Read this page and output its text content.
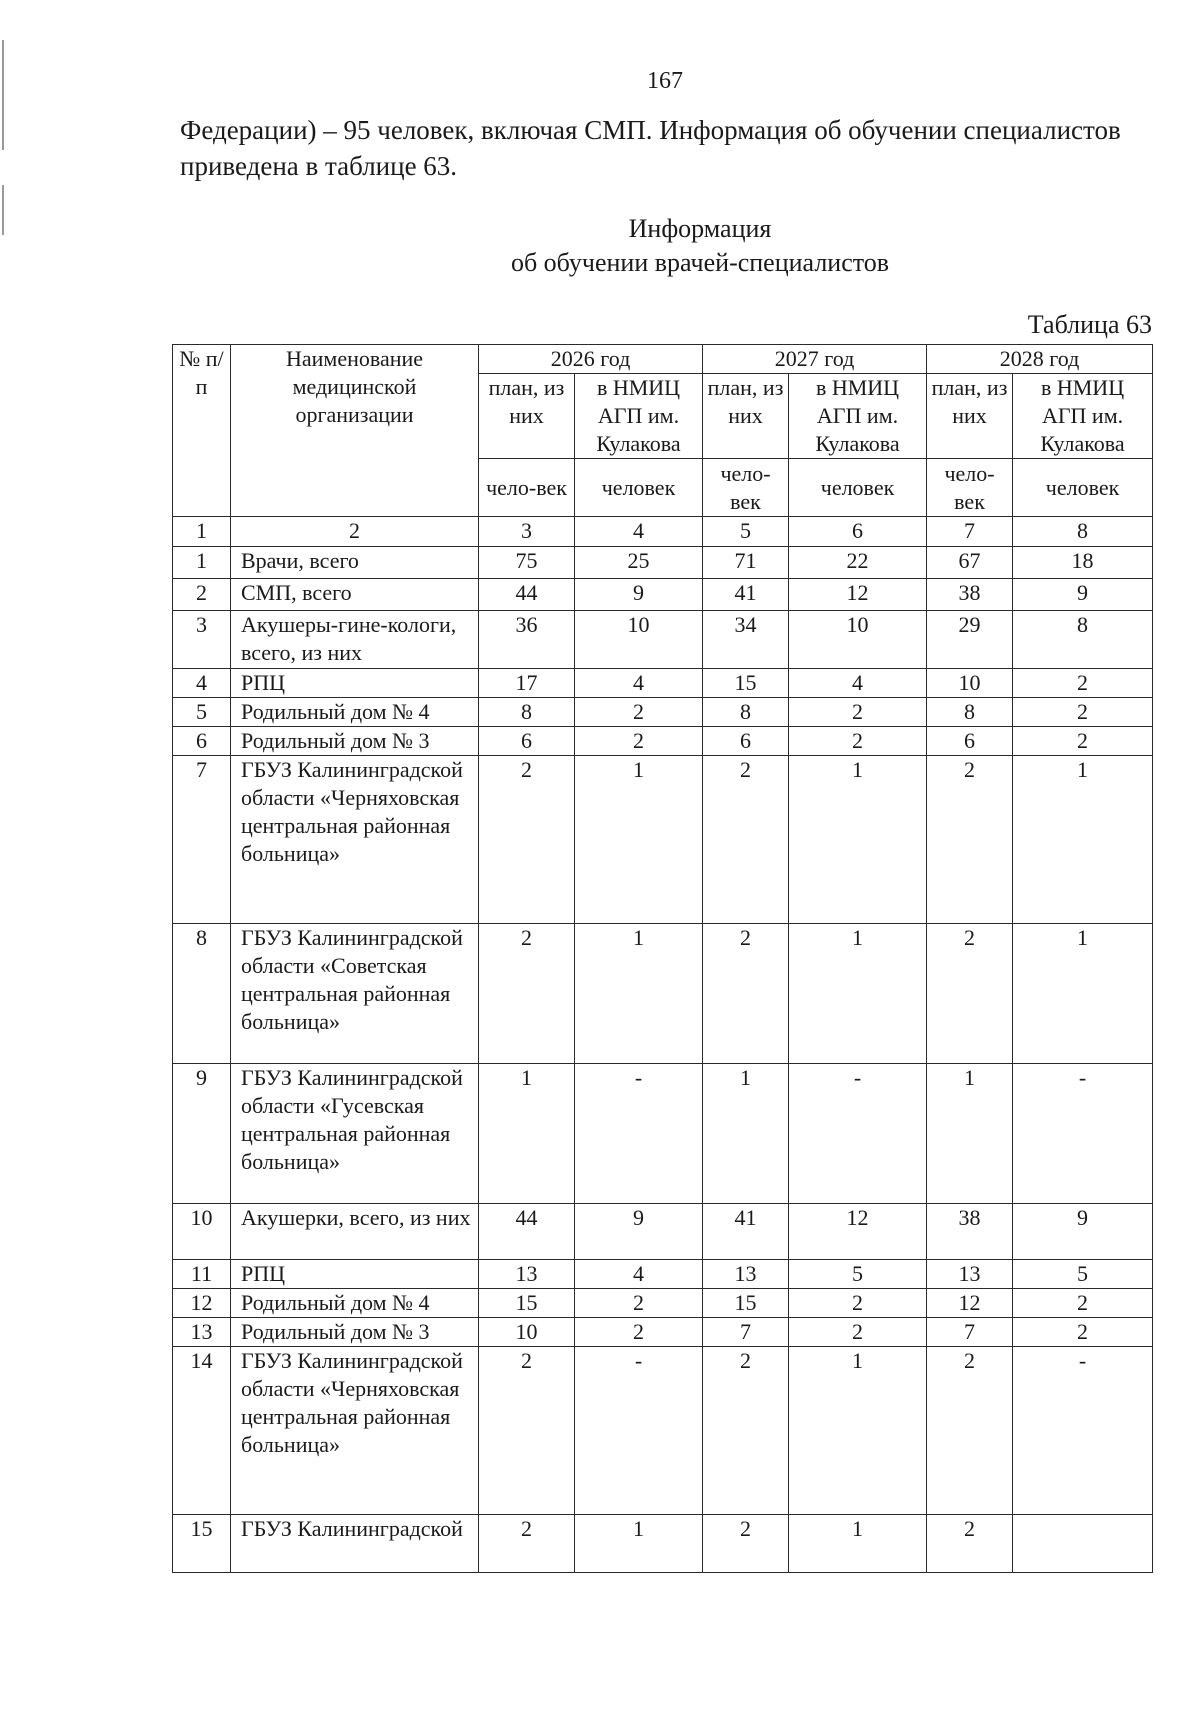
167
Федерации) – 95 человек, включая СМП. Информация об обучении специалистов приведена в таблице 63.
Информация
об обучении врачей-специалистов
Таблица 63
№ п/п	Наименование медицинской организации	2026 год		2027 год		2028 год	
		план, из них	в НМИЦ АГП им. Кулакова	план, из них	в НМИЦ АГП им. Кулакова	план, из них	в НМИЦ АГП им. Кулакова
		чело-век	человек	чело-век	человек	чело-век	человек
1	2	3	4	5	6	7	8
1	Врачи, всего	75	25	71	22	67	18
2	СМП, всего	44	9	41	12	38	9
3	Акушеры-гине-кологи, всего, из них	36	10	34	10	29	8
4	РПЦ	17	4	15	4	10	2
5	Родильный дом № 4	8	2	8	2	8	2
6	Родильный дом № 3	6	2	6	2	6	2
7	ГБУЗ Калининградской области «Черняховская центральная районная больница»	2	1	2	1	2	1
8	ГБУЗ Калининградской области «Советская центральная районная больница»	2	1	2	1	2	1
9	ГБУЗ Калининградской области «Гусевская центральная районная больница»	1	-	1	-	1	-
10	Акушерки, всего, из них	44	9	41	12	38	9
11	РПЦ	13	4	13	5	13	5
12	Родильный дом № 4	15	2	15	2	12	2
13	Родильный дом № 3	10	2	7	2	7	2
14	ГБУЗ Калининградской области «Черняховская центральная районная больница»	2	-	2	1	2	-
15	ГБУЗ Калининградской	2	1	2	1	2	
